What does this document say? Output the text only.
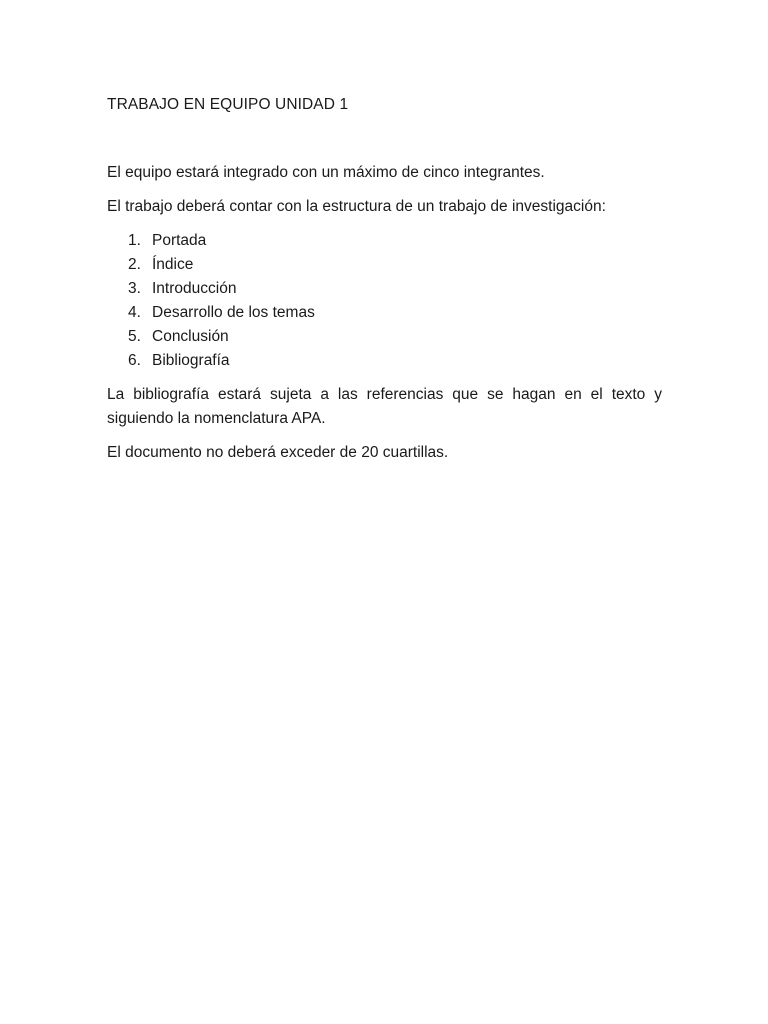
TRABAJO EN EQUIPO UNIDAD 1

El equipo estará integrado con un máximo de cinco integrantes.

El trabajo deberá contar con la estructura de un trabajo de investigación:

1. Portada
2. Índice
3. Introducción
4. Desarrollo de los temas
5. Conclusión
6. Bibliografía

La bibliografía estará sujeta a las referencias que se hagan en el texto y
siguiendo la nomenclatura APA.

El documento no deberá exceder de 20 cuartillas.
